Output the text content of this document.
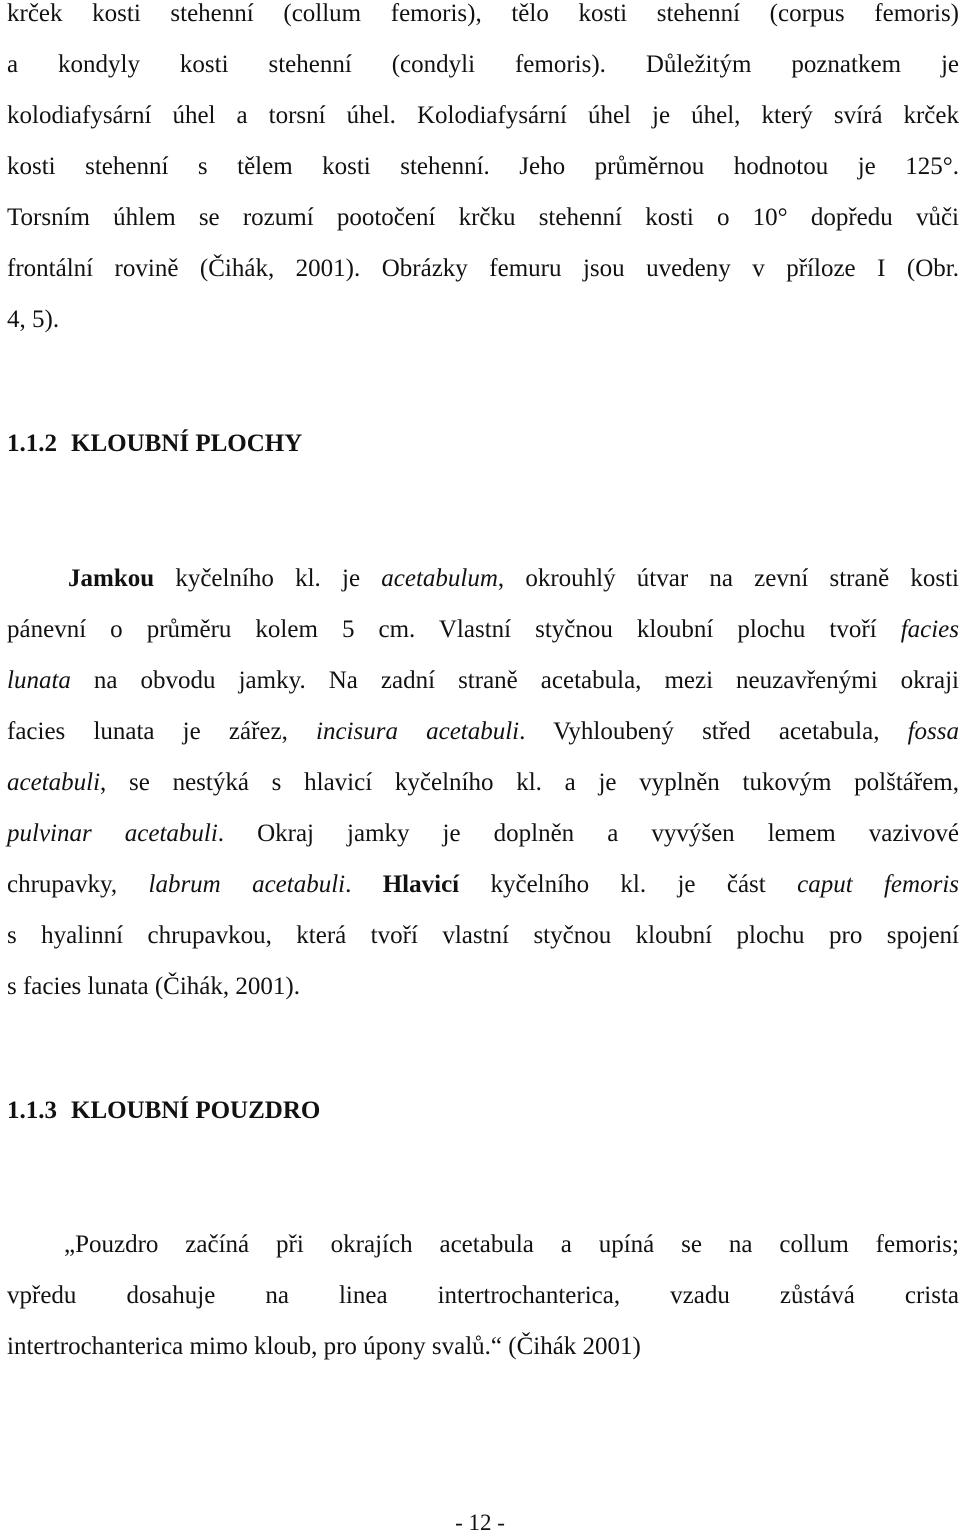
krček kosti stehenní (collum femoris), tělo kosti stehenní (corpus femoris)
a kondyly kosti stehenní (condyli femoris). Důležitým poznatkem je
kolodiafysární úhel a torsní úhel. Kolodiafysární úhel je úhel, který svírá krček
kosti stehenní s tělem kosti stehenní. Jeho průměrnou hodnotou je 125°.
Torsním úhlem se rozumí pootočení krčku stehenní kosti o 10° dopředu vůči
frontální rovině (Čihák, 2001). Obrázky femuru jsou uvedeny v příloze I (Obr.
4, 5).
1.1.2 KLOUBNÍ PLOCHY
Jamkou kyčelního kl. je acetabulum, okrouhlý útvar na zevní straně kosti
pánevní o průměru kolem 5 cm. Vlastní styčnou kloubní plochu tvoří facies
lunata na obvodu jamky. Na zadní straně acetabula, mezi neuzavřenými okraji
facies lunata je zářez, incisura acetabuli. Vyhloubený střed acetabula, fossa
acetabuli, se nestýká s hlavicí kyčelního kl. a je vyplněn tukovým polštářem,
pulvinar acetabuli. Okraj jamky je doplněn a vyvýšen lemem vazivové
chrupavky, labrum acetabuli. Hlavicí kyčelního kl. je část caput femoris
s hyalinní chrupavkou, která tvoří vlastní styčnou kloubní plochu pro spojení
s facies lunata (Čihák, 2001).
1.1.3 KLOUBNÍ POUZDRO
„Pouzdro začíná při okrajích acetabula a upíná se na collum femoris;
vpředu dosahuje na linea intertrochanterica, vzadu zůstává crista
intertrochanterica mimo kloub, pro úpony svalů.“ (Čihák 2001)
- 12 -
